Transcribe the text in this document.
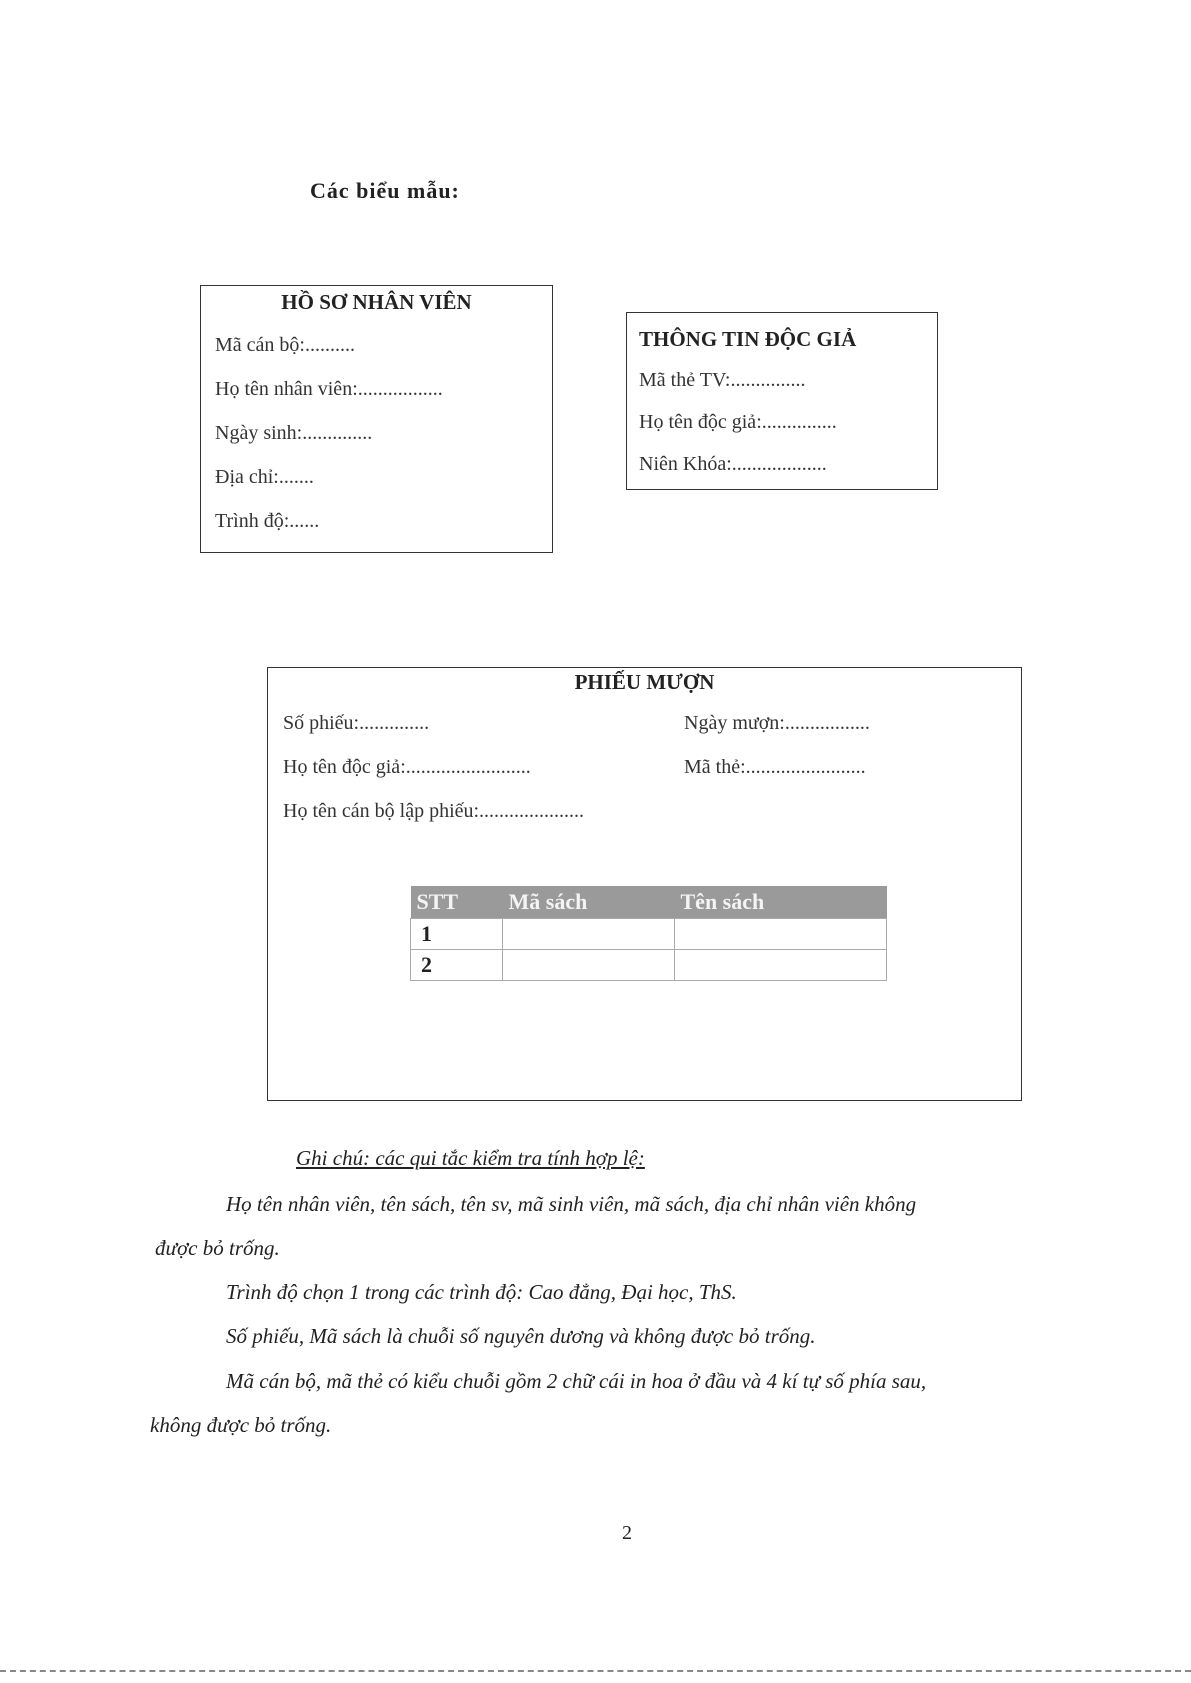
Các biểu mẫu:
HỒ SƠ NHÂN VIÊN
Mã cán bộ:..........
Họ tên nhân viên:.................
Ngày sinh:..............
Địa chỉ:.......
Trình độ:......
THÔNG TIN ĐỘC GIẢ
Mã thẻ TV:...............
Họ tên độc giả:...............
Niên Khóa:...................
PHIẾU MƯỢN
Số phiếu:..............	Ngày mượn:.................
Họ tên độc giả:.........................	Mã thẻ:........................
Họ tên cán bộ lập phiếu:.....................
STT	Mã sách	Tên sách
1		
2		
Ghi chú: các qui tắc kiểm tra tính hợp lệ:
Họ tên nhân viên, tên sách, tên sv, mã sinh viên, mã sách, địa chỉ nhân viên không
được bỏ trống.
Trình độ chọn 1 trong các trình độ: Cao đẳng, Đại học, ThS.
Số phiếu, Mã sách là chuỗi số nguyên dương và không được bỏ trống.
Mã cán bộ, mã thẻ có kiểu chuỗi gồm 2 chữ cái in hoa ở đầu và 4 kí tự số phía sau,
không được bỏ trống.
2
